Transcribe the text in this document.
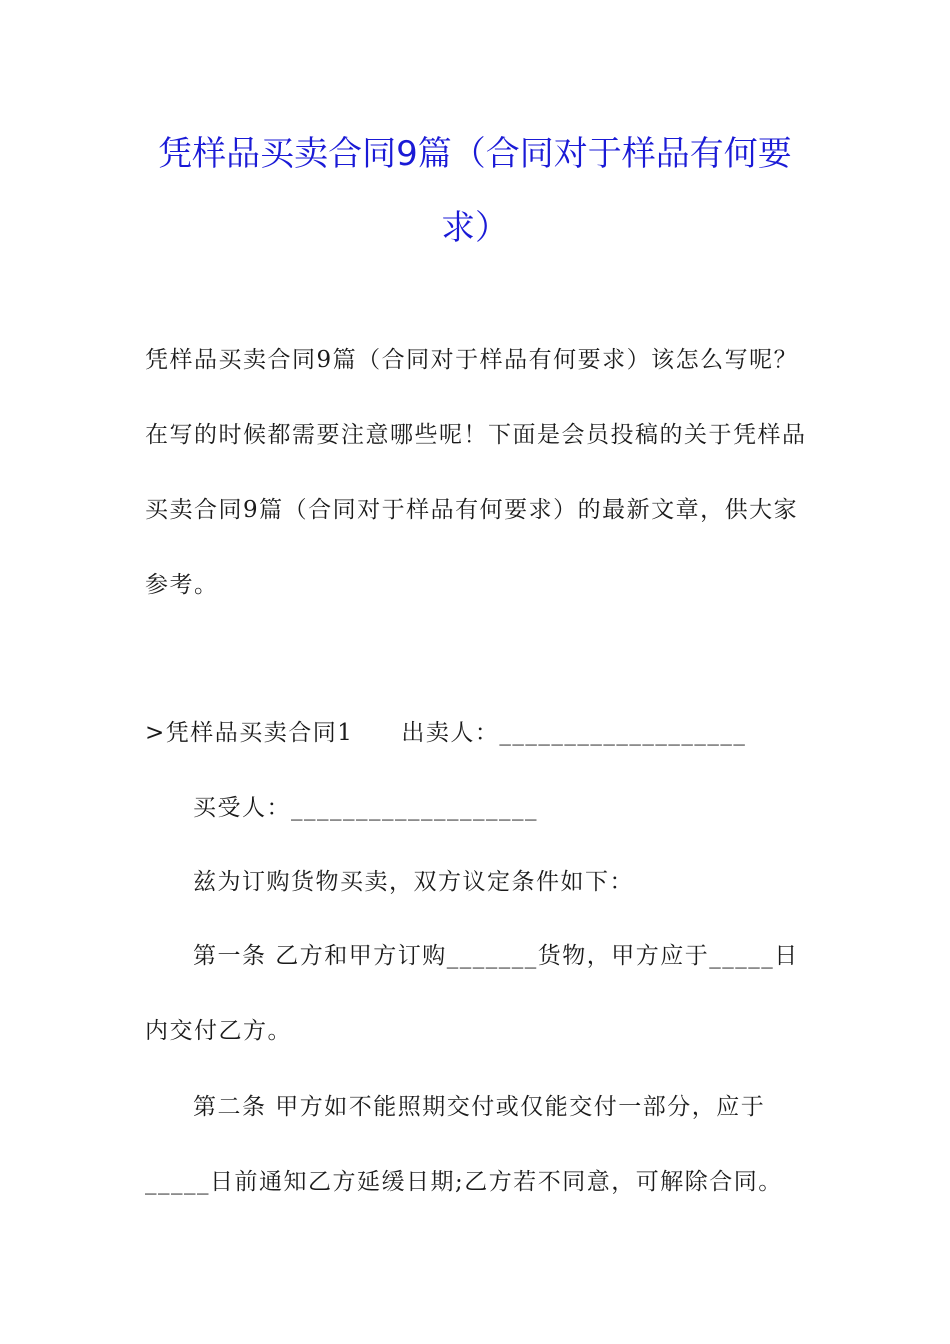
凭样品买卖合同9篇（合同对于样品有何要求）

凭样品买卖合同9篇（合同对于样品有何要求）该怎么写呢？在写的时候都需要注意哪些呢！下面是会员投稿的关于凭样品买卖合同9篇（合同对于样品有何要求）的最新文章，供大家参考。

>凭样品买卖合同1 出卖人：___________________

买受人：___________________

兹为订购货物买卖，双方议定条件如下：

第一条 乙方和甲方订购_______货物，甲方应于_____日内交付乙方。

第二条 甲方如不能照期交付或仅能交付一部分，应于_____日前通知乙方延缓日期;乙方若不同意，可解除合同。
